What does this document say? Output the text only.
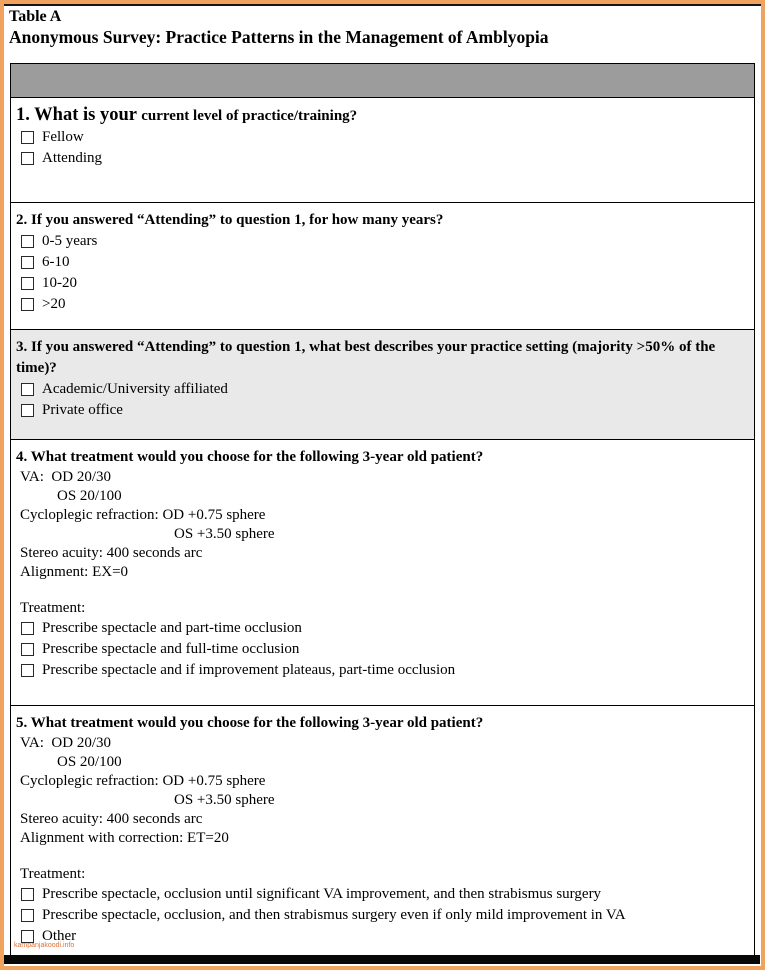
Table A
Anonymous Survey: Practice Patterns in the Management of Amblyopia
1. What is your current level of practice/training?
Fellow
Attending
2. If you answered “Attending” to question 1, for how many years?
0-5 years
6-10
10-20
>20
3. If you answered “Attending” to question 1, what best describes your practice setting (majority >50% of the time)?
Academic/University affiliated
Private office
4. What treatment would you choose for the following 3-year old patient?
VA:  OD 20/30
OS 20/100
Cycloplegic refraction: OD +0.75 sphere
OS +3.50 sphere
Stereo acuity: 400 seconds arc
Alignment: EX=0
Treatment:
Prescribe spectacle and part-time occlusion
Prescribe spectacle and full-time occlusion
Prescribe spectacle and if improvement plateaus, part-time occlusion
5. What treatment would you choose for the following 3-year old patient?
VA:  OD 20/30
OS 20/100
Cycloplegic refraction: OD +0.75 sphere
OS +3.50 sphere
Stereo acuity: 400 seconds arc
Alignment with correction: ET=20
Treatment:
Prescribe spectacle, occlusion until significant VA improvement, and then strabismus surgery
Prescribe spectacle, occlusion, and then strabismus surgery even if only mild improvement in VA
Other
kampanjakoodi.info
